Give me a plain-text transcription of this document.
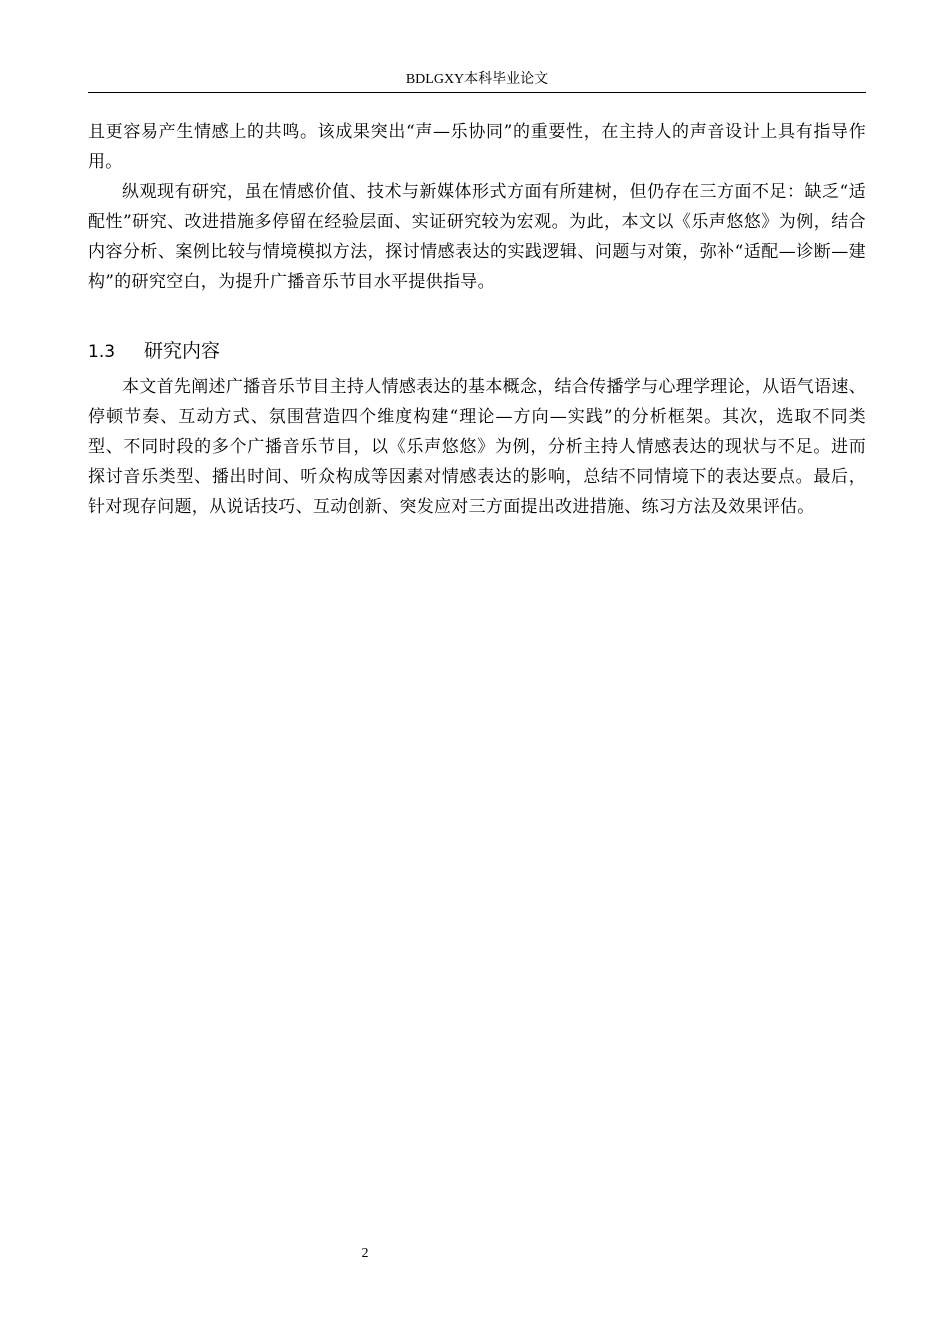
BDLGXY本科毕业论文

且更容易产生情感上的共鸣。该成果突出“声—乐协同”的重要性，在主持人的声音设计上具有指导作用。

纵观现有研究，虽在情感价值、技术与新媒体形式方面有所建树，但仍存在三方面不足：缺乏“适配性”研究、改进措施多停留在经验层面、实证研究较为宏观。为此，本文以《乐声悠悠》为例，结合内容分析、案例比较与情境模拟方法，探讨情感表达的实践逻辑、问题与对策，弥补“适配—诊断—建构”的研究空白，为提升广播音乐节目水平提供指导。

1.3 研究内容

本文首先阐述广播音乐节目主持人情感表达的基本概念，结合传播学与心理学理论，从语气语速、停顿节奏、互动方式、氛围营造四个维度构建“理论—方向—实践”的分析框架。其次，选取不同类型、不同时段的多个广播音乐节目，以《乐声悠悠》为例，分析主持人情感表达的现状与不足。进而探讨音乐类型、播出时间、听众构成等因素对情感表达的影响，总结不同情境下的表达要点。最后，针对现存问题，从说话技巧、互动创新、突发应对三方面提出改进措施、练习方法及效果评估。

2
